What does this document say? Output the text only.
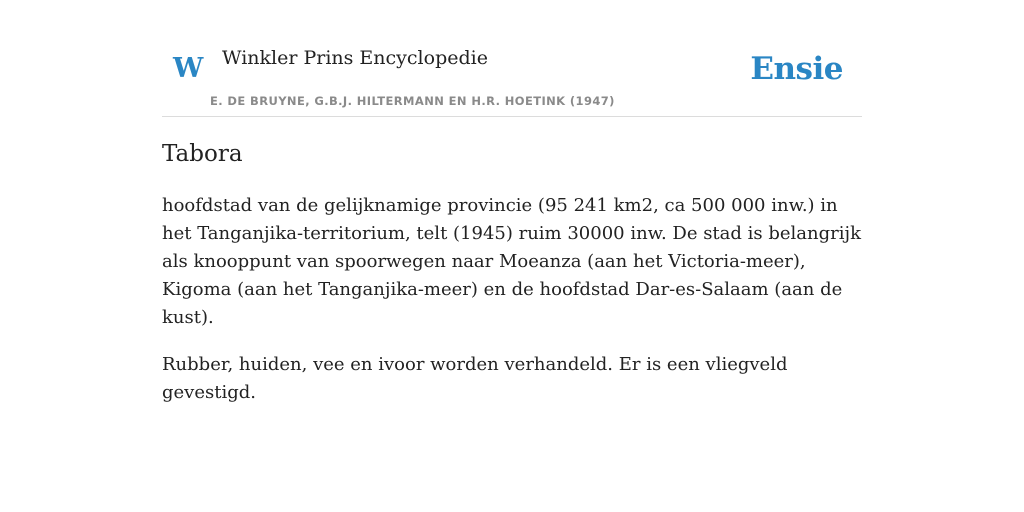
W Winkler Prins Encyclopedie
E. DE BRUYNE, G.B.J. HILTERMANN EN H.R. HOETINK (1947)
Ensie
Tabora

hoofdstad van de gelijknamige provincie (95 241 km2, ca 500 000 inw.) in het Tanganjika-territorium, telt (1945) ruim 30000 inw. De stad is belangrijk als knooppunt van spoorwegen naar Moeanza (aan het Victoria-meer), Kigoma (aan het Tanganjika-meer) en de hoofdstad Dar-es-Salaam (aan de kust).

Rubber, huiden, vee en ivoor worden verhandeld. Er is een vliegveld gevestigd.
